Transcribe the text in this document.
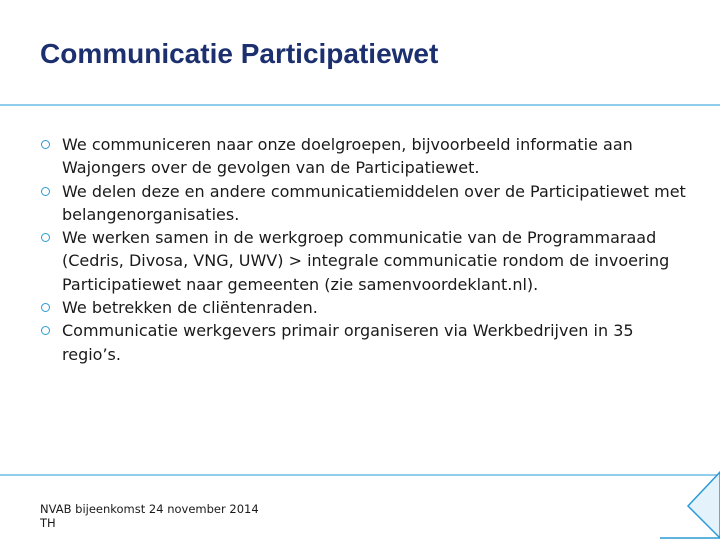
Communicatie Participatiewet
We communiceren naar onze doelgroepen, bijvoorbeeld informatie aan Wajongers over de gevolgen van de Participatiewet.
We delen deze en andere communicatiemiddelen over de Participatiewet met belangenorganisaties.
We werken samen in de werkgroep communicatie van de Programmaraad (Cedris, Divosa, VNG, UWV) > integrale communicatie rondom de invoering Participatiewet naar gemeenten (zie samenvoordeklant.nl).
We betrekken de cliëntenraden.
Communicatie werkgevers primair organiseren via Werkbedrijven in 35 regio’s.
NVAB bijeenkomst 24 november 2014
TH
